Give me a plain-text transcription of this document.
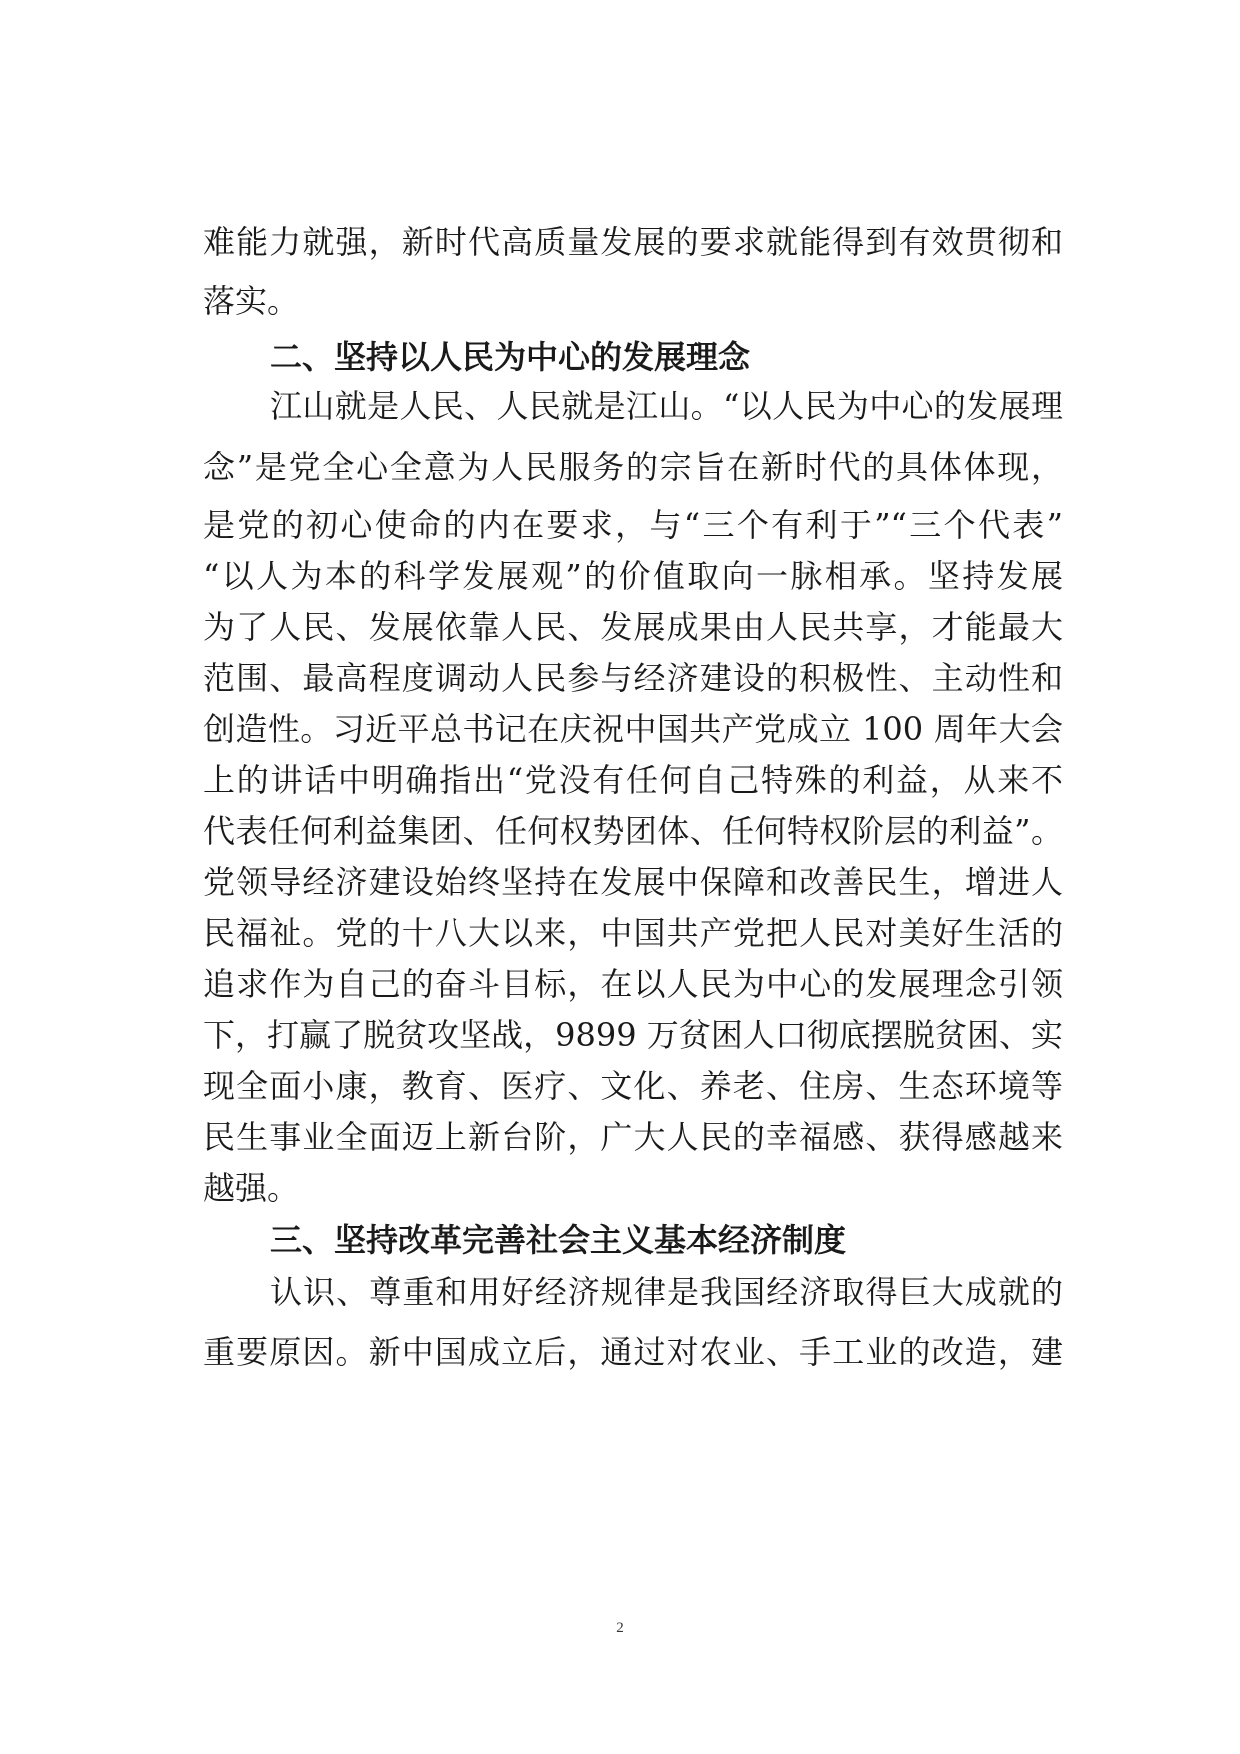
难能力就强，新时代高质量发展的要求就能得到有效贯彻和
落实。
二、坚持以人民为中心的发展理念
江山就是人民、人民就是江山。“以人民为中心的发展理
念”是党全心全意为人民服务的宗旨在新时代的具体体现，
是党的初心使命的内在要求，与“三个有利于”“三个代表”
“以人为本的科学发展观”的价值取向一脉相承。坚持发展
为了人民、发展依靠人民、发展成果由人民共享，才能最大
范围、最高程度调动人民参与经济建设的积极性、主动性和
创造性。习近平总书记在庆祝中国共产党成立 100 周年大会
上的讲话中明确指出“党没有任何自己特殊的利益，从来不
代表任何利益集团、任何权势团体、任何特权阶层的利益”。
党领导经济建设始终坚持在发展中保障和改善民生，增进人
民福祉。党的十八大以来，中国共产党把人民对美好生活的
追求作为自己的奋斗目标，在以人民为中心的发展理念引领
下，打赢了脱贫攻坚战，9899 万贫困人口彻底摆脱贫困、实
现全面小康，教育、医疗、文化、养老、住房、生态环境等
民生事业全面迈上新台阶，广大人民的幸福感、获得感越来
越强。
三、坚持改革完善社会主义基本经济制度
认识、尊重和用好经济规律是我国经济取得巨大成就的
重要原因。新中国成立后，通过对农业、手工业的改造，建
2
